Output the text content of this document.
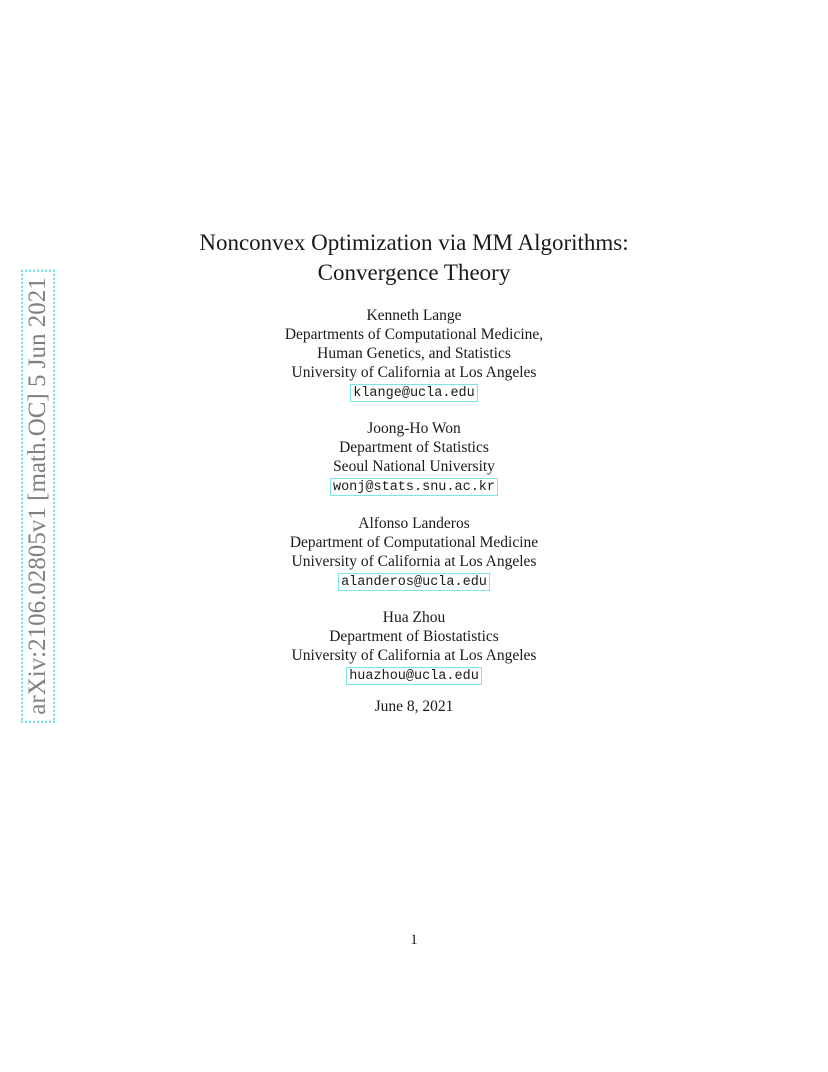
arXiv:2106.02805v1 [math.OC] 5 Jun 2021
Nonconvex Optimization via MM Algorithms:
Convergence Theory
Kenneth Lange
Departments of Computational Medicine,
Human Genetics, and Statistics
University of California at Los Angeles
klange@ucla.edu
Joong-Ho Won
Department of Statistics
Seoul National University
wonj@stats.snu.ac.kr
Alfonso Landeros
Department of Computational Medicine
University of California at Los Angeles
alanderos@ucla.edu
Hua Zhou
Department of Biostatistics
University of California at Los Angeles
huazhou@ucla.edu
June 8, 2021
1
